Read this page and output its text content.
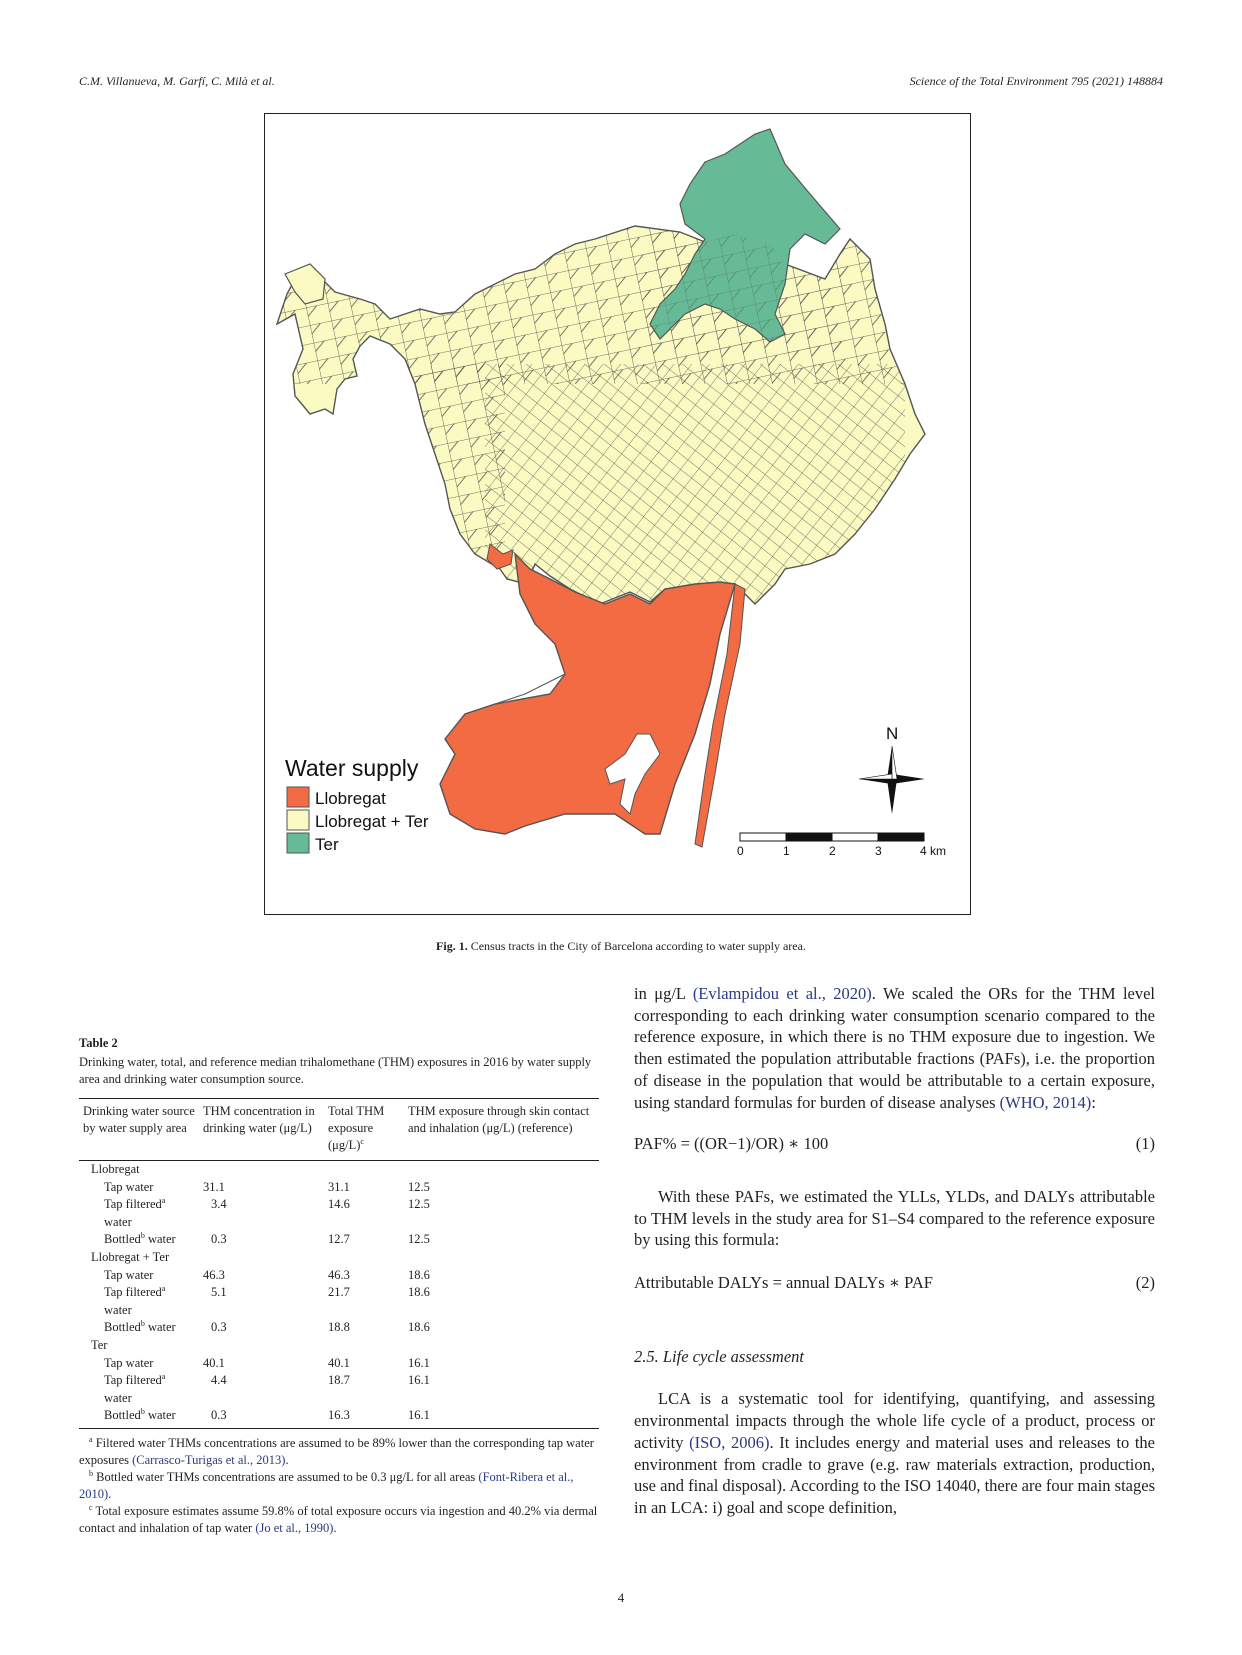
C.M. Villanueva, M. Garfí, C. Milà et al.	Science of the Total Environment 795 (2021) 148884
Water supply
Llobregat
Llobregat + Ter
Ter
N
0	1	2	3	4 km
Fig. 1. Census tracts in the City of Barcelona according to water supply area.
Table 2
Drinking water, total, and reference median trihalomethane (THM) exposures in 2016 by water supply area and drinking water consumption source.
Drinking water source by water supply area	THM concentration in drinking water (μg/L)	Total THM exposure $(\mu g/L)^c$	THM exposure through skin contact and inhalation (μg/L) (reference)
Llobregat			
Tap water	31.1	31.1	12.5
Tap filtered$^a$	3.4	14.6	12.5
water			
Bottled$^b$ water	0.3	12.7	12.5
Llobregat + Ter			
Tap water	46.3	46.3	18.6
Tap filtered$^a$	5.1	21.7	18.6
water			
Bottled$^b$ water	0.3	18.8	18.6
Ter			
Tap water	40.1	40.1	16.1
Tap filtered$^a$	4.4	18.7	16.1
water			
Bottled$^b$ water	0.3	16.3	16.1
$^a$ Filtered water THMs concentrations are assumed to be 89% lower than the corresponding tap water exposures (Carrasco-Turigas et al., 2013).
$^b$ Bottled water THMs concentrations are assumed to be 0.3 μg/L for all areas (Font-Ribera et al., 2010).
$^c$ Total exposure estimates assume 59.8% of total exposure occurs via ingestion and 40.2% via dermal contact and inhalation of tap water (Jo et al., 1990).

in μg/L (Evlampidou et al., 2020). We scaled the ORs for the THM level corresponding to each drinking water consumption scenario compared to the reference exposure, in which there is no THM exposure due to ingestion. We then estimated the population attributable fractions (PAFs), i.e. the proportion of disease in the population that would be attributable to a certain exposure, using standard formulas for burden of disease analyses (WHO, 2014):

PAF% = ((OR−1)/OR) ∗ 100	(1)

With these PAFs, we estimated the YLLs, YLDs, and DALYs attributable to THM levels in the study area for S1–S4 compared to the reference exposure by using this formula:

Attributable DALYs = annual DALYs ∗ PAF	(2)
2.5. Life cycle assessment

LCA is a systematic tool for identifying, quantifying, and assessing environmental impacts through the whole life cycle of a product, process or activity (ISO, 2006). It includes energy and material uses and releases to the environment from cradle to grave (e.g. raw materials extraction, production, use and final disposal). According to the ISO 14040, there are four main stages in an LCA: i) goal and scope definition,

4
